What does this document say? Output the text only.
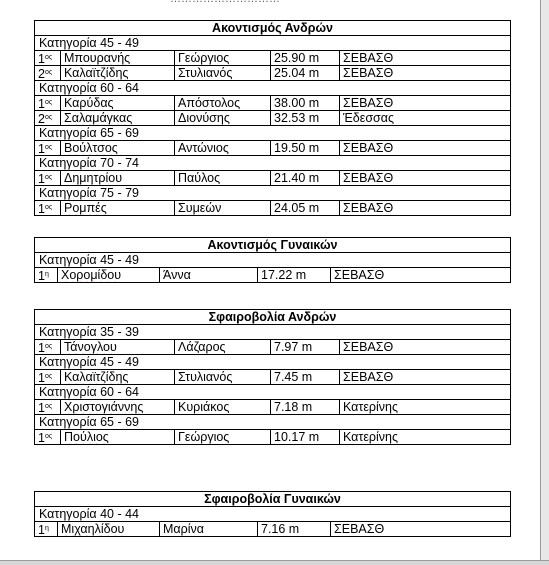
Ακοντισμός Ανδρών
Κατηγορία 45 - 49
$1^{o\varsigma}$ Μπουρανής	Γεώργιος	25.90 m	ΣΕΒΑΣΘ
$2^{o\varsigma}$ Καλαϊτζίδης	Στυλιανός	25.04 m	ΣΕΒΑΣΘ
Κατηγορία 60 - 64
$1^{o\varsigma}$ Καρύδας	Απόστολος	38.00 m	ΣΕΒΑΣΘ
$2^{o\varsigma}$ Σαλαμάγκας	Διονύσης	32.53 m	Έδεσσας
Κατηγορία 65 - 69
$1^{o\varsigma}$ Βούλτσος	Αντώνιος	19.50 m	ΣΕΒΑΣΘ
Κατηγορία 70 - 74
$1^{o\varsigma}$ Δημητρίου	Παύλος	21.40 m	ΣΕΒΑΣΘ
Κατηγορία 75 - 79
$1^{o\varsigma}$ Ρομπές	Συμεών	24.05 m	ΣΕΒΑΣΘ
Ακοντισμός Γυναικών
Κατηγορία 45 - 49
$1^\eta$ Χορομίδου	Άννα	17.22 m	ΣΕΒΑΣΘ
Σφαιροβολία Ανδρών
Κατηγορία 35 - 39
$1^{o\varsigma}$ Τάνογλου	Λάζαρος	7.97 m	ΣΕΒΑΣΘ
Κατηγορία 45 - 49
$1^{o\varsigma}$ Καλαϊτζίδης	Στυλιανός	7.45 m	ΣΕΒΑΣΘ
Κατηγορία 60 - 64
$1^{o\varsigma}$ Χριστογιάννης	Κυριάκος	7.18 m	Κατερίνης
Κατηγορία 65 - 69
$1^{o\varsigma}$ Πούλιος	Γεώργιος	10.17 m	Κατερίνης
Σφαιροβολία Γυναικών
Κατηγορία 40 - 44
$1^\eta$ Μιχαηλίδου	Μαρίνα	7.16 m	ΣΕΒΑΣΘ
